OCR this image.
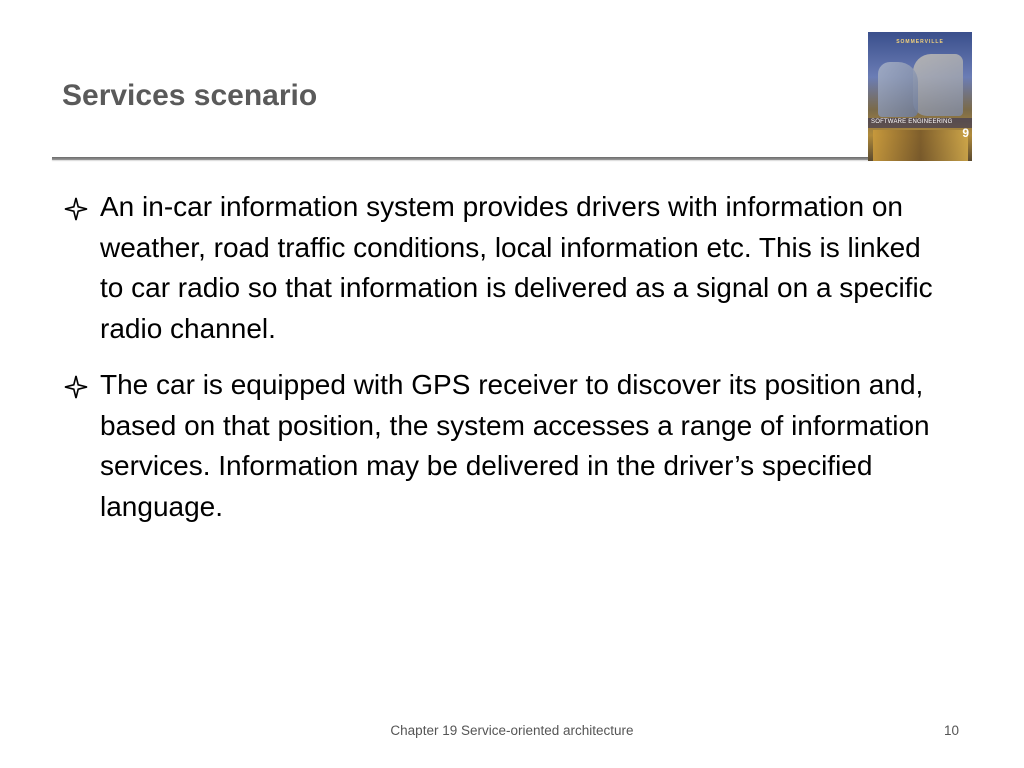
Services scenario
SOMMERVILLE
SOFTWARE ENGINEERING
9
An in-car information system provides drivers with information on weather, road traffic conditions, local information etc. This is linked to car radio so that information is delivered as a signal on a specific radio channel.
The car is equipped with GPS receiver to discover its position and, based on that position, the system accesses a range of information services. Information may be delivered in the driver’s specified language.
Chapter 19 Service-oriented architecture	10
